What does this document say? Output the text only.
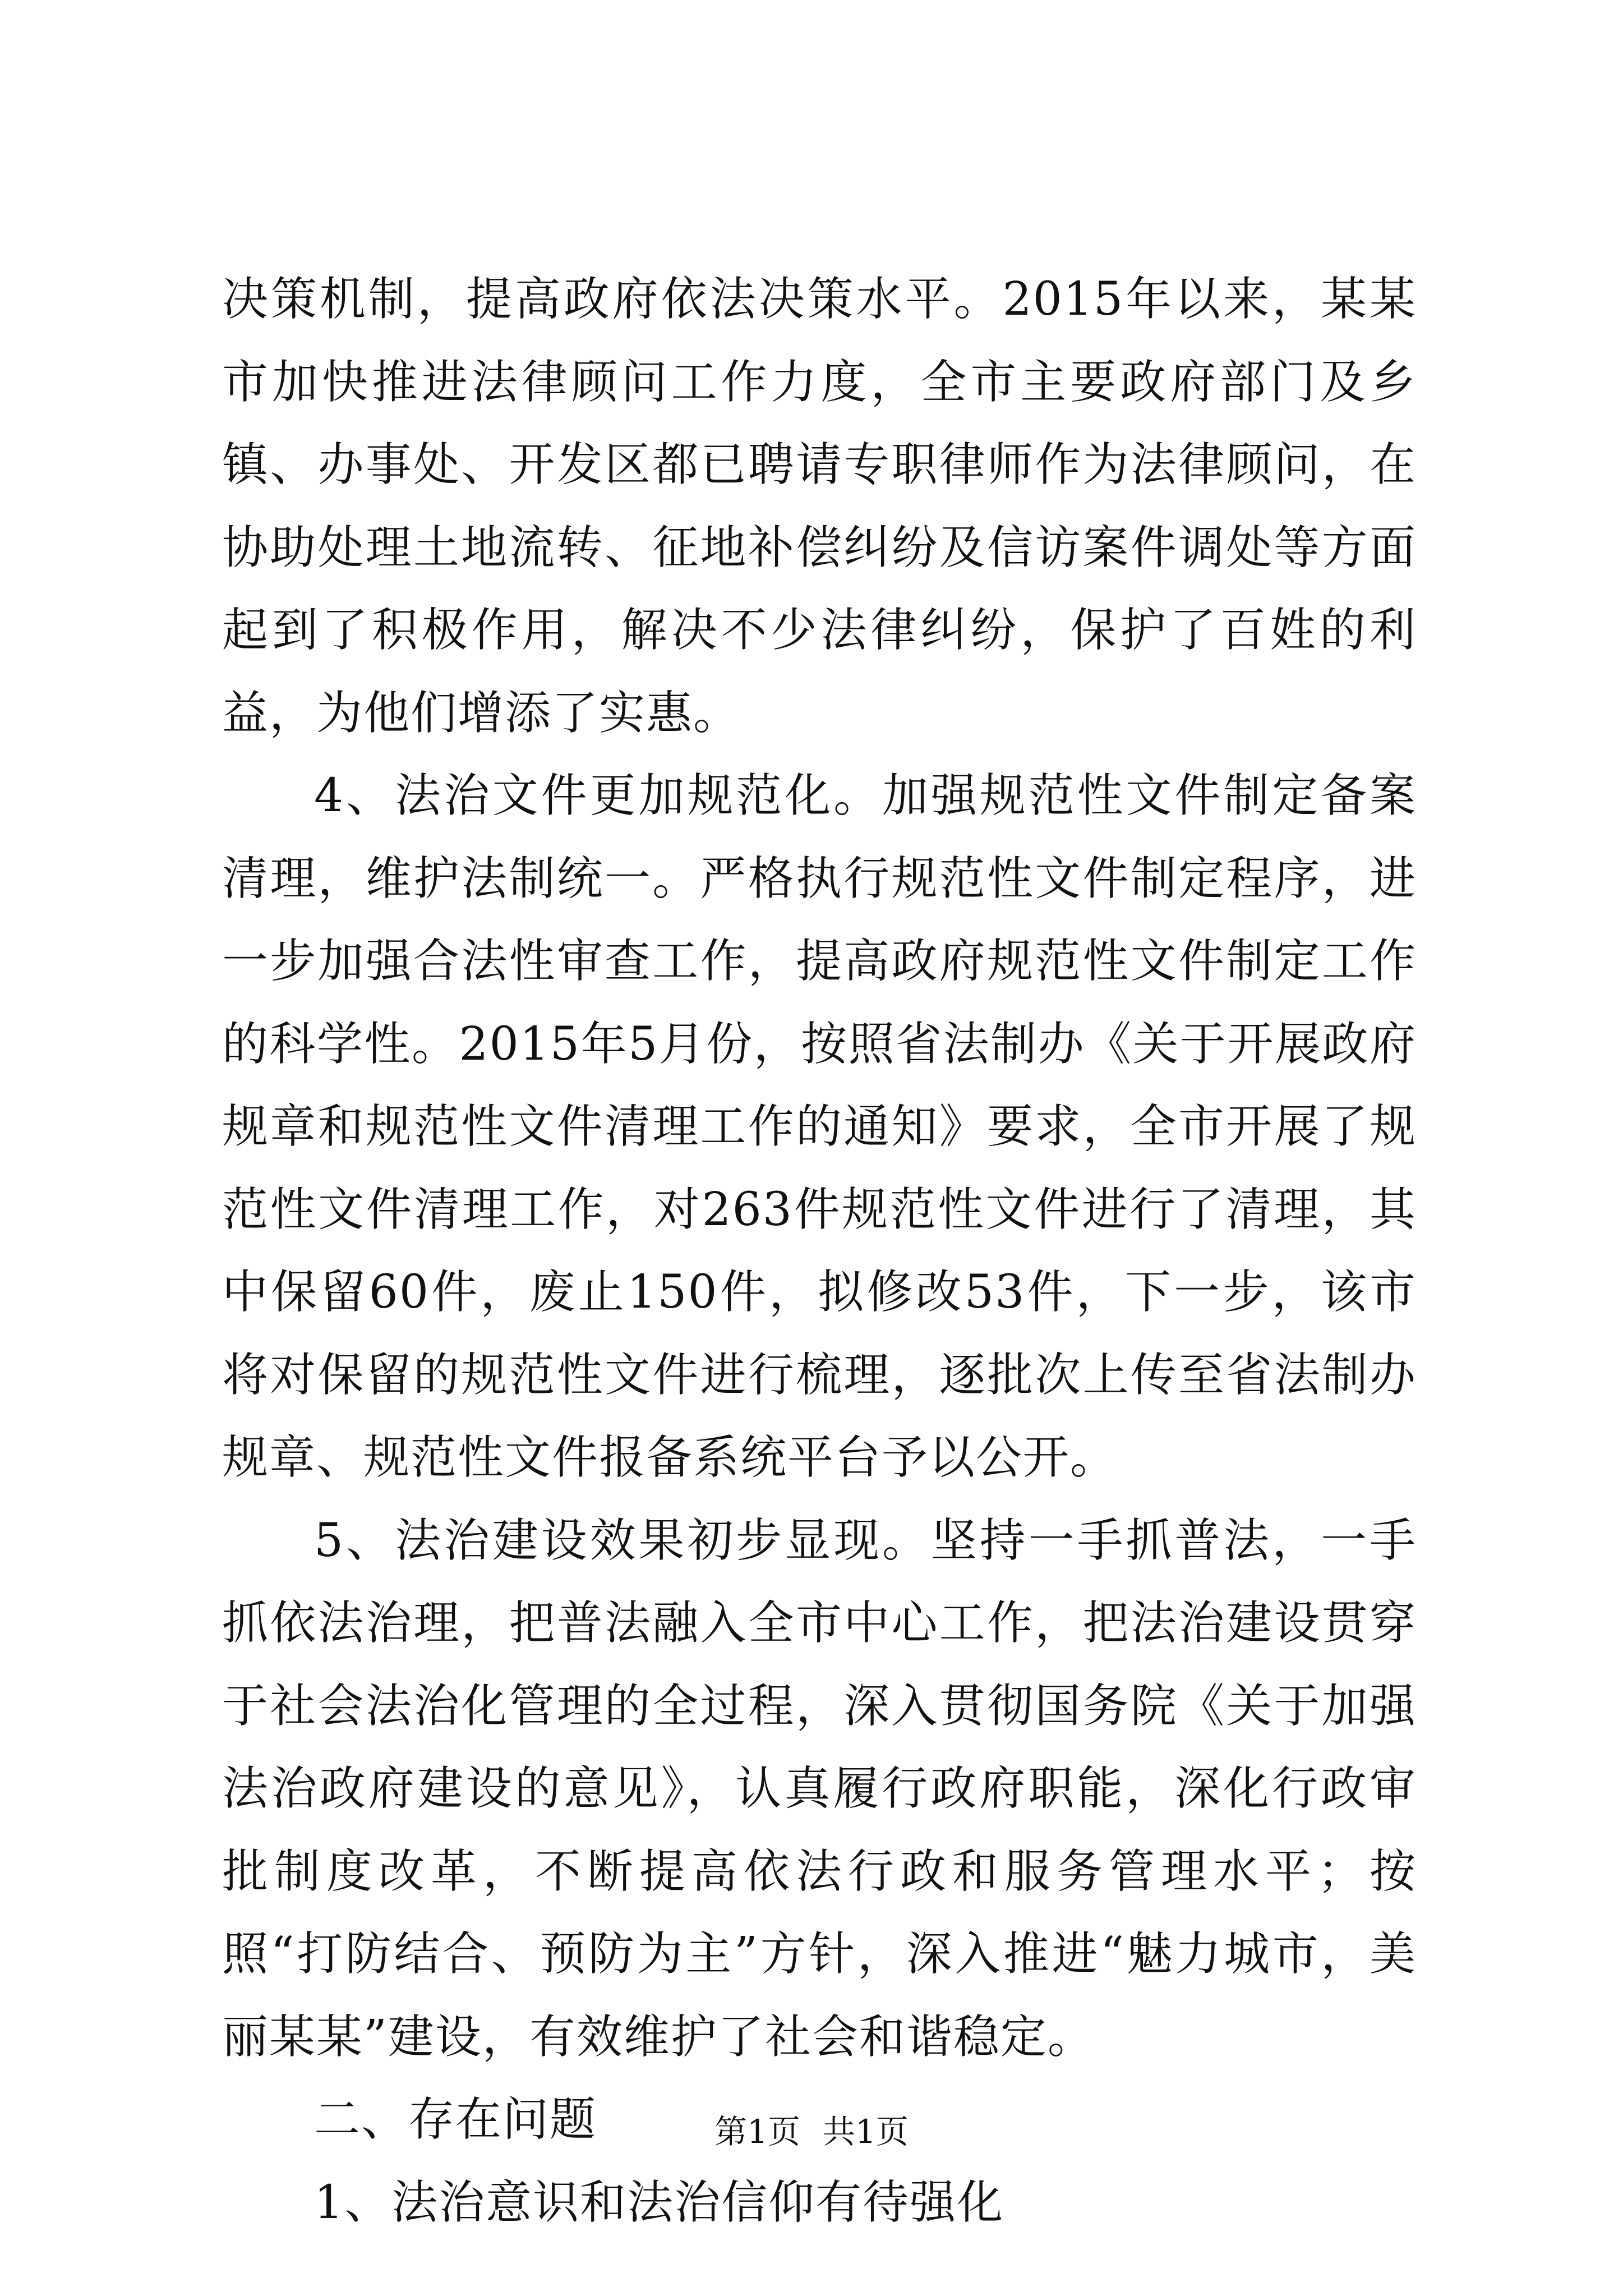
决策机制，提高政府依法决策水平。2015年以来，某某市加快推进法律顾问工作力度，全市主要政府部门及乡镇、办事处、开发区都已聘请专职律师作为法律顾问，在协助处理土地流转、征地补偿纠纷及信访案件调处等方面起到了积极作用，解决不少法律纠纷，保护了百姓的利益，为他们增添了实惠。

4、法治文件更加规范化。加强规范性文件制定备案清理，维护法制统一。严格执行规范性文件制定程序，进一步加强合法性审查工作，提高政府规范性文件制定工作的科学性。2015年5月份，按照省法制办《关于开展政府规章和规范性文件清理工作的通知》要求，全市开展了规范性文件清理工作，对263件规范性文件进行了清理，其中保留60件，废止150件，拟修改53件，下一步，该市将对保留的规范性文件进行梳理，逐批次上传至省法制办规章、规范性文件报备系统平台予以公开。

5、法治建设效果初步显现。坚持一手抓普法，一手抓依法治理，把普法融入全市中心工作，把法治建设贯穿于社会法治化管理的全过程，深入贯彻国务院《关于加强法治政府建设的意见》，认真履行政府职能，深化行政审批制度改革，不断提高依法行政和服务管理水平；按照“打防结合、预防为主”方针，深入推进“魅力城市，美丽某某”建设，有效维护了社会和谐稳定。

二、存在问题

1、法治意识和法治信仰有待强化

第1页 共1页
